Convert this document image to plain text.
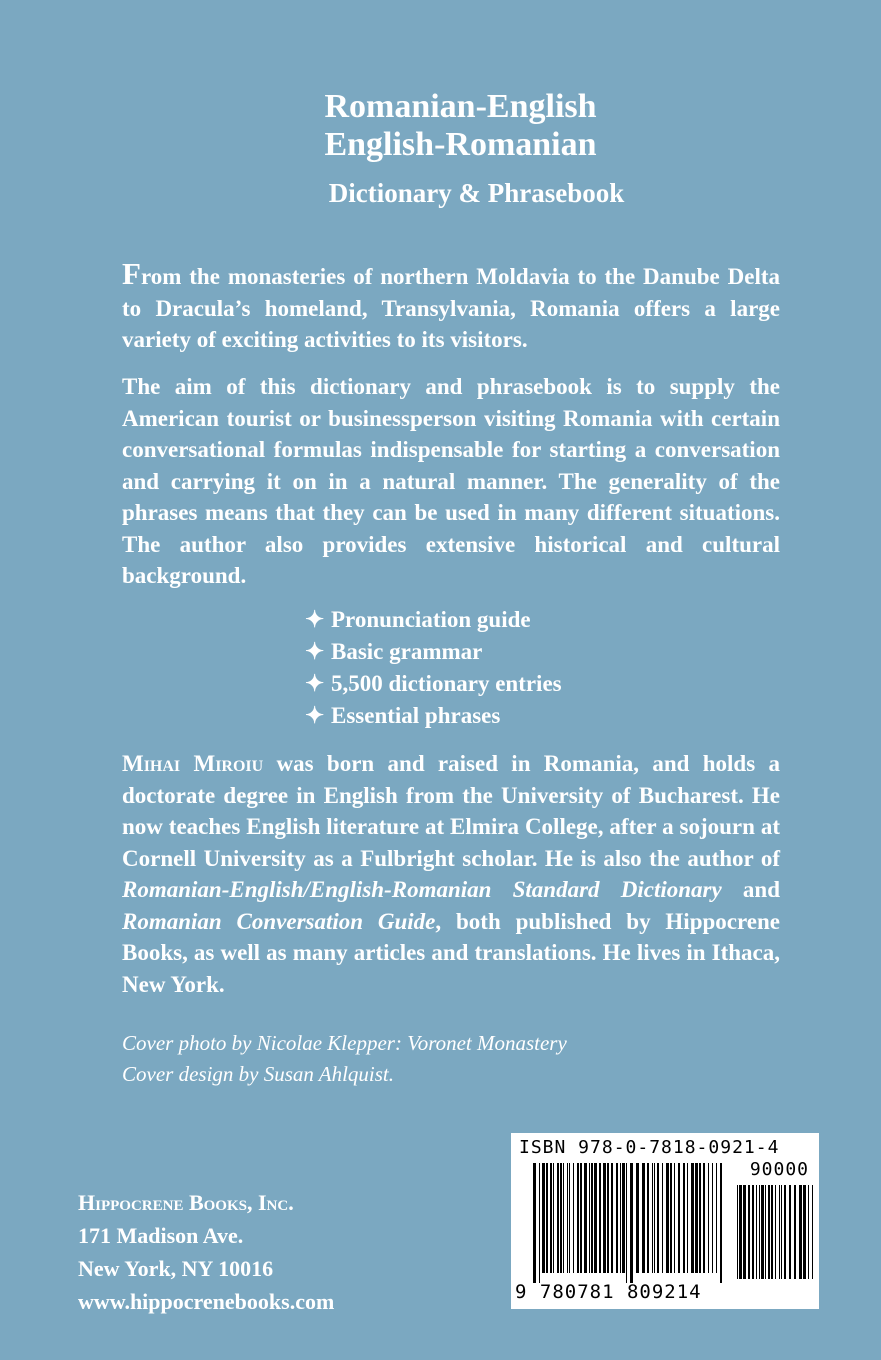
Romanian-English
English-Romanian
Dictionary & Phrasebook

From the monasteries of northern Moldavia to the Danube Delta to Dracula’s homeland, Transylvania, Romania offers a large variety of exciting activities to its visitors.

The aim of this dictionary and phrasebook is to supply the American tourist or businessperson visiting Romania with certain conversational formulas indispensable for starting a conversation and carrying it on in a natural manner. The generality of the phrases means that they can be used in many different situations. The author also provides extensive historical and cultural background.

✦ Pronunciation guide
✦ Basic grammar
✦ 5,500 dictionary entries
✦ Essential phrases

Mihai Miroiu was born and raised in Romania, and holds a doctorate degree in English from the University of Bucharest. He now teaches English literature at Elmira College, after a sojourn at Cornell University as a Fulbright scholar. He is also the author of Romanian-English/English-Romanian Standard Dictionary and Romanian Conversation Guide, both published by Hippocrene Books, as well as many articles and translations. He lives in Ithaca, New York.

Cover photo by Nicolae Klepper: Voronet Monastery
Cover design by Susan Ahlquist.
Hippocrene Books, Inc.
171 Madison Ave.
New York, NY 10016
www.hippocrenebooks.com
ISBN 978-0-7818-0921-4
90000
9 780781 809214
